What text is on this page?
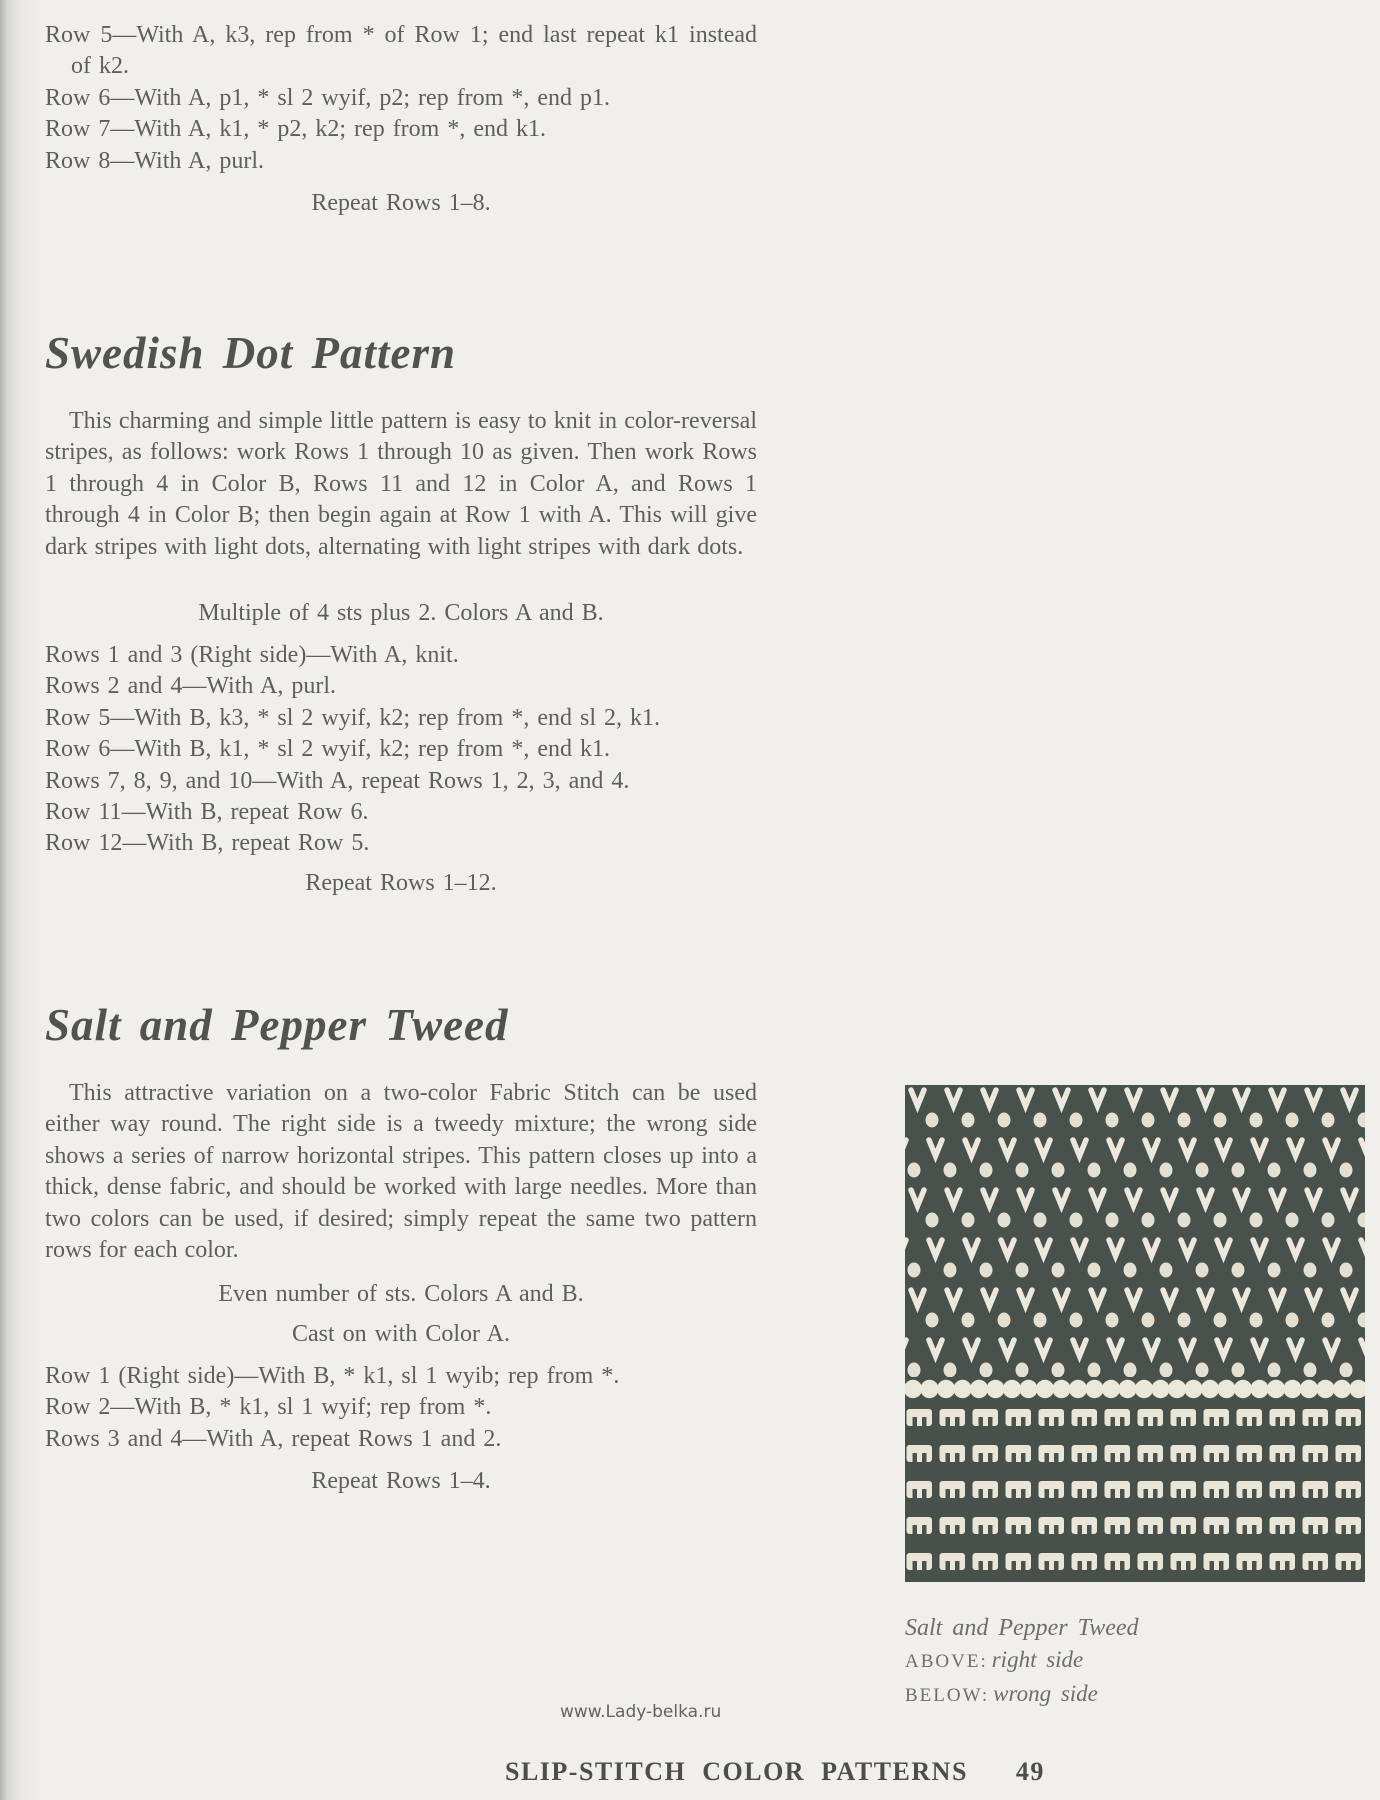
Row 5—With A, k3, rep from * of Row 1; end last repeat k1 instead of k2.
Row 6—With A, p1, * sl 2 wyif, p2; rep from *, end p1.
Row 7—With A, k1, * p2, k2; rep from *, end k1.
Row 8—With A, purl.
Repeat Rows 1–8.
Swedish Dot Pattern
This charming and simple little pattern is easy to knit in color-reversal stripes, as follows: work Rows 1 through 10 as given. Then work Rows 1 through 4 in Color B, Rows 11 and 12 in Color A, and Rows 1 through 4 in Color B; then begin again at Row 1 with A. This will give dark stripes with light dots, alternating with light stripes with dark dots.
Multiple of 4 sts plus 2. Colors A and B.
Rows 1 and 3 (Right side)—With A, knit.
Rows 2 and 4—With A, purl.
Row 5—With B, k3, * sl 2 wyif, k2; rep from *, end sl 2, k1.
Row 6—With B, k1, * sl 2 wyif, k2; rep from *, end k1.
Rows 7, 8, 9, and 10—With A, repeat Rows 1, 2, 3, and 4.
Row 11—With B, repeat Row 6.
Row 12—With B, repeat Row 5.
Repeat Rows 1–12.
Salt and Pepper Tweed
This attractive variation on a two-color Fabric Stitch can be used either way round. The right side is a tweedy mixture; the wrong side shows a series of narrow horizontal stripes. This pattern closes up into a thick, dense fabric, and should be worked with large needles. More than two colors can be used, if desired; simply repeat the same two pattern rows for each color.
Even number of sts. Colors A and B.
Cast on with Color A.
Row 1 (Right side)—With B, * k1, sl 1 wyib; rep from *.
Row 2—With B, * k1, sl 1 wyif; rep from *.
Rows 3 and 4—With A, repeat Rows 1 and 2.
Repeat Rows 1–4.
Salt and Pepper Tweed
ABOVE: right side
BELOW: wrong side
www.Lady-belka.ru
SLIP-STITCH COLOR PATTERNS 49
